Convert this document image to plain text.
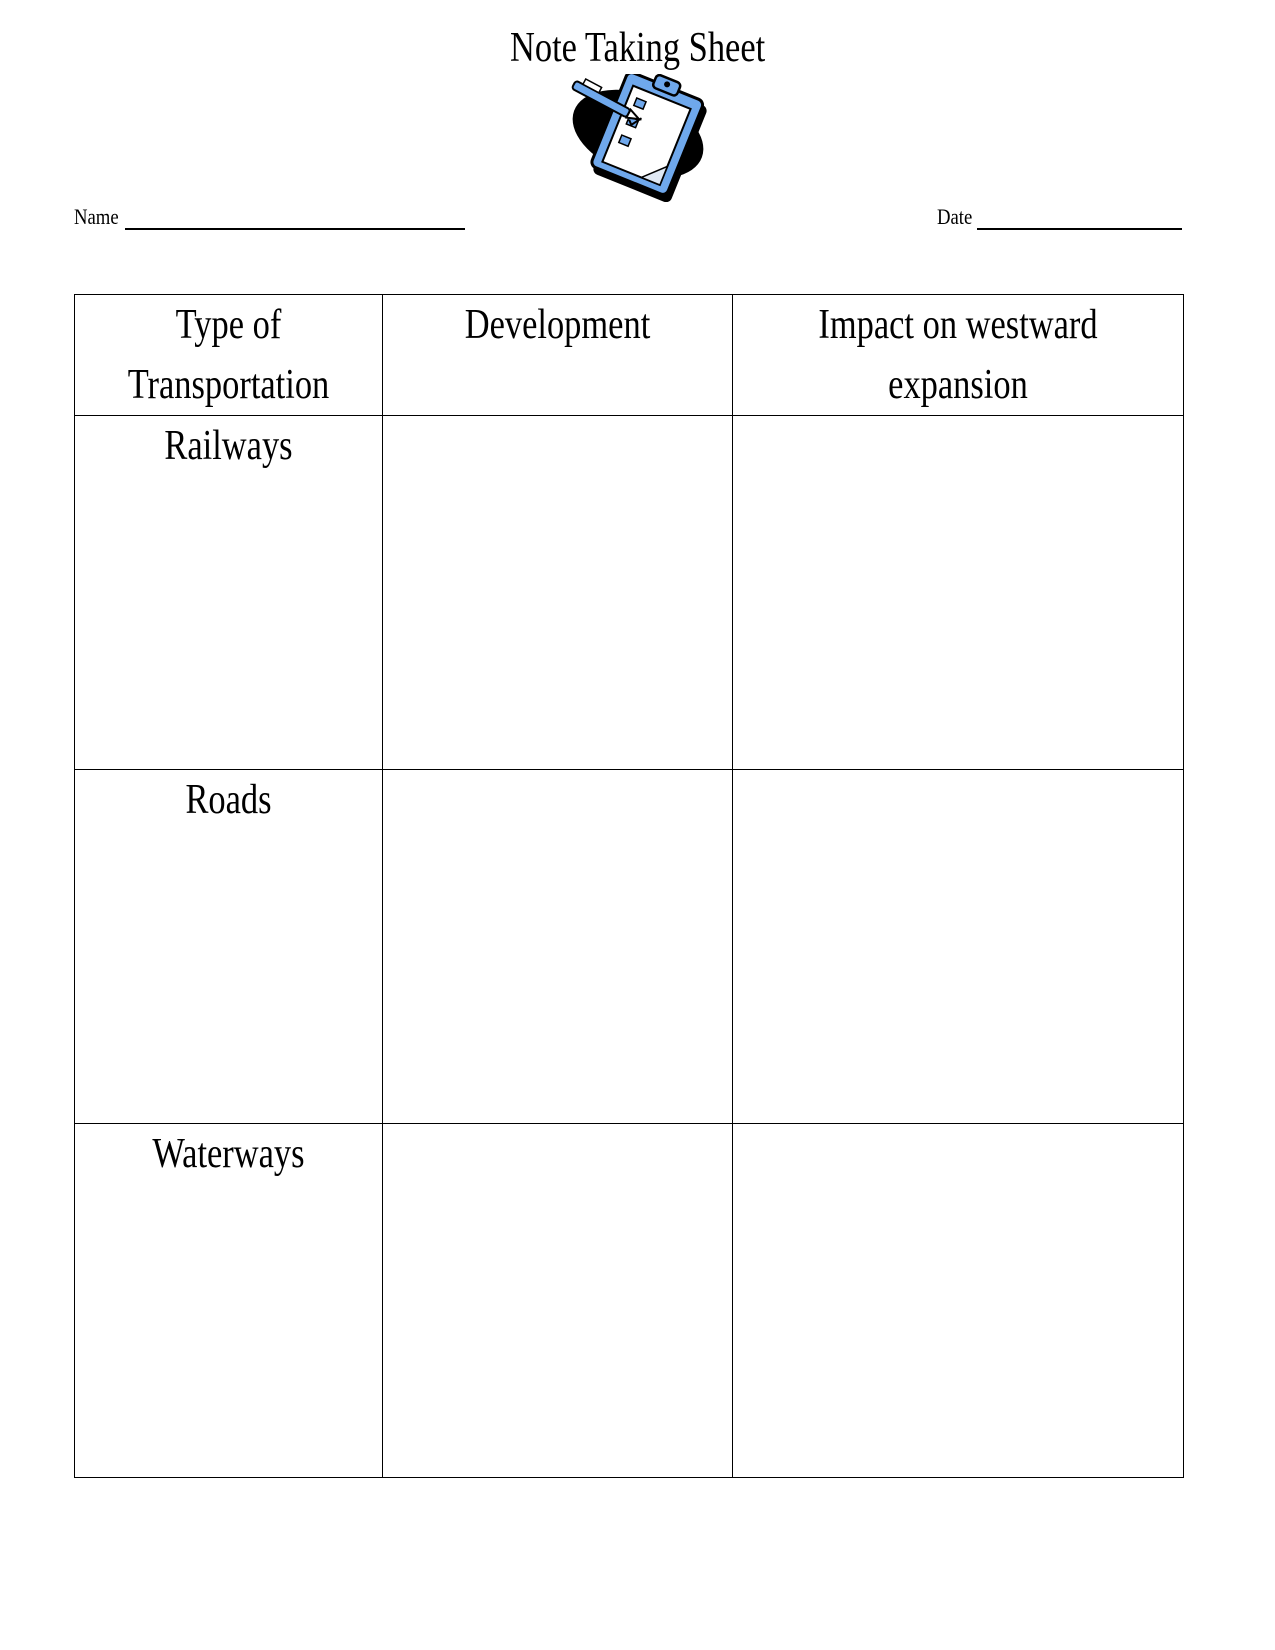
Note Taking Sheet
Name	Date
Type of Transportation	Development	Impact on westward expansion

Railways		

Roads		

Waterways		
